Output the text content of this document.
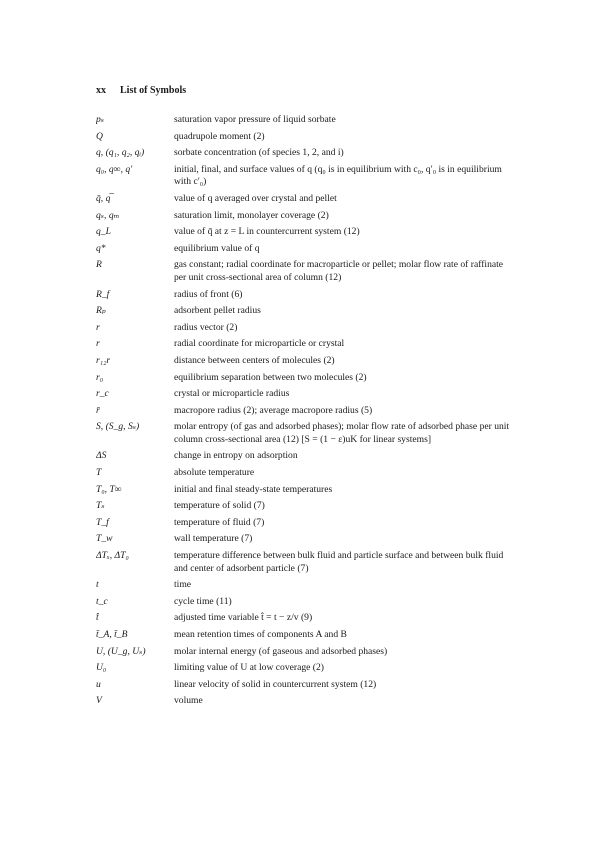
xx List of Symbols
pₛ	saturation vapor pressure of liquid sorbate
Q	quadrupole moment (2)
q, (q₁, q₂, qᵢ)	sorbate concentration (of species 1, 2, and i)
q₀, q∞, q′	initial, final, and surface values of q (q₀ is in equilibrium with c₀, q′₀ is in equilibrium with c′₀)
q̄, q̿	value of q averaged over crystal and pellet
qₛ, qₘ	saturation limit, monolayer coverage (2)
q_L	value of q̄ at z = L in countercurrent system (12)
q*	equilibrium value of q
R	gas constant; radial coordinate for macroparticle or pellet; molar flow rate of raffinate per unit cross-sectional area of column (12)
R_f	radius of front (6)
Rₚ	adsorbent pellet radius
r	radius vector (2)
r	radial coordinate for microparticle or crystal
r₁₂r	distance between centers of molecules (2)
r₀	equilibrium separation between two molecules (2)
r_c	crystal or microparticle radius
r̄	macropore radius (2); average macropore radius (5)
S, (S_g, Sₛ)	molar entropy (of gas and adsorbed phases); molar flow rate of adsorbed phase per unit column cross-sectional area (12) [S = (1 − ε)uK for linear systems]
ΔS	change in entropy on adsorption
T	absolute temperature
T₀, T∞	initial and final steady-state temperatures
Tₛ	temperature of solid (7)
T_f	temperature of fluid (7)
T_w	wall temperature (7)
ΔTₓ, ΔT₀	temperature difference between bulk fluid and particle surface and between bulk fluid and center of adsorbent particle (7)
t	time
t_c	cycle time (11)
t̂	adjusted time variable t̂ = t − z/v (9)
t̄_A, t̄_B	mean retention times of components A and B
U, (U_g, Uₛ)	molar internal energy (of gaseous and adsorbed phases)
U₀	limiting value of U at low coverage (2)
u	linear velocity of solid in countercurrent system (12)
V	volume
